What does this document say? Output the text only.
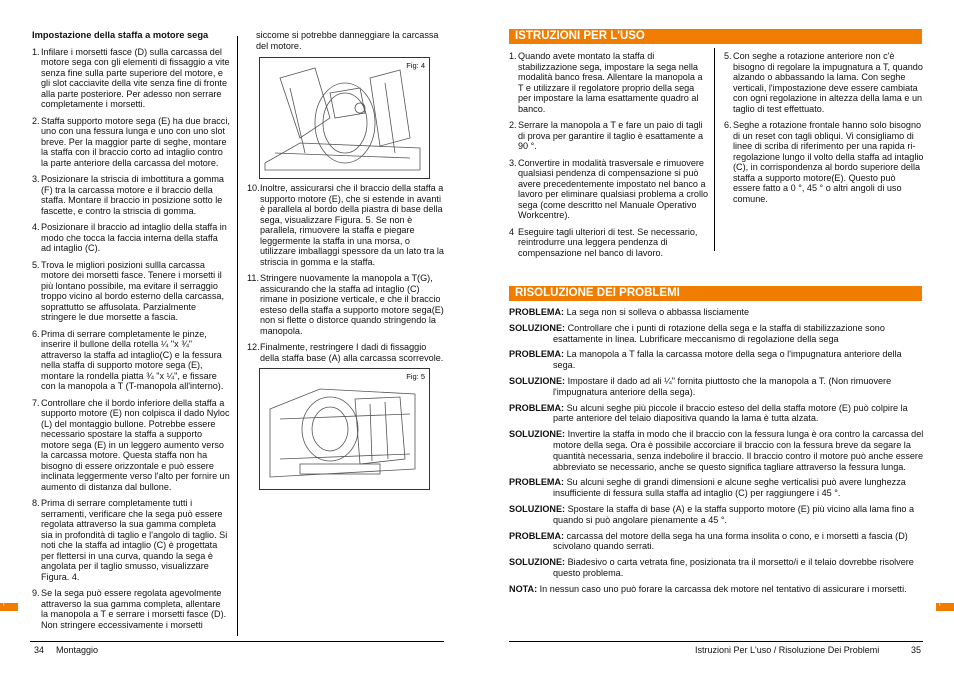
Impostazione della staffa a motore sega
1. Infilare i morsetti fasce (D) sulla carcassa del motore sega con gli elementi di fissaggio a vite senza fine sulla parte superiore del motore, e gli slot cacciavite della vite senza fine di fronte alla parte posteriore. Per adesso non serrare completamente i morsetti.
2. Staffa supporto motore sega (E) ha due bracci, uno con una fessura lunga e uno con uno slot breve. Per la maggior parte di seghe, montare la staffa con il braccio corto ad intaglio contro la parte anteriore della carcassa del motore.
3. Posizionare la striscia di imbottitura a gomma (F) tra la carcassa motore e il braccio della staffa. Montare il braccio in posizione sotto le fascette, e contro la striscia di gomma.
4. Posizionare il braccio ad intaglio della staffa in modo che tocca la faccia interna della staffa ad intaglio (C).
5. Trova le migliori posizioni sullla carcassa motore dei morsetti fasce. Tenere i morsetti il più lontano possibile, ma evitare il serraggio troppo vicino al bordo esterno della carcassa, soprattutto se affusolata. Parzialmente stringere le due morsette a fascia.
6. Prima di serrare completamente le pinze, inserire il bullone della rotella ¼ "x ¾" attraverso la staffa ad intaglio(C) e la fessura nella staffa di supporto motore sega (E), montare la rondella piatta ¾ "x ¼", e fissare con la manopola a T (T-manopola all'interno).
7. Controllare che il bordo inferiore della staffa a supporto motore (E) non colpisca il dado Nyloc (L) del montaggio bullone. Potrebbe essere necessario spostare la staffa a supporto motore sega (E) in un leggero aumento verso la carcassa motore. Questa staffa non ha bisogno di essere orizzontale e può essere inclinata leggermente verso l'alto per fornire un aumento di distanza dal bullone.
8. Prima di serrare completamente tutti i serramenti, verificare che la sega può essere regolata attraverso la sua gamma completa sia in profondità di taglio e l'angolo di taglio. Si noti che la staffa ad intaglio (C) è progettata per flettersi in una curva, quando la sega è angolata per il taglio smusso, visualizzare Figura. 4.
9. Se la sega può essere regolata agevolmente attraverso la sua gamma completa, allentare la manopola a T e serrare i morsetti fasce (D). Non stringere eccessivamente i morsetti

siccome si potrebbe danneggiare la carcassa del motore.

Fig: 4
10. Inoltre, assicurarsi che il braccio della staffa a supporto motore (E), che si estende in avanti è parallela al bordo della piastra di base della sega, visualizzare Figura. 5. Se non è parallela, rimuovere la staffa e piegare leggermente la staffa in una morsa, o utilizzare imballaggi spessore da un lato tra la striscia in gomma e la staffa.
11. Stringere nuovamente la manopola a T(G), assicurando che la staffa ad intaglio (C) rimane in posizione verticale, e che il braccio esteso della staffa a supporto motore sega(E) non si flette o distorce quando stringendo la manopola.
12. Finalmente, restringere I dadi di fissaggio della staffa base (A) alla carcassa scorrevole.
Fig: 5
34 Montaggio
I
ISTRUZIONI PER L'USO
1. Quando avete montato la staffa di stabilizzazione sega, impostare la sega nella modalità banco fresa. Allentare la manopola a T e utilizzare il regolatore proprio della sega per impostare la lama esattamente quadro al banco.
2. Serrare la manopola a T e fare un paio di tagli di prova per garantire il taglio è esattamente a 90 °.
3. Convertire in modalità trasversale e rimuovere qualsiasi pendenza di compensazione si può avere precedentemente impostato nel banco a lavoro per eliminare qualsiasi problema a crollo sega (come descritto nel Manuale Operativo Workcentre).
4 Eseguire tagli ulteriori di test. Se necessario, reintrodurre una leggera pendenza di compensazione nel banco di lavoro.
5. Con seghe a rotazione anteriore non c'è bisogno di regolare la impugnatura a T, quando alzando o abbassando la lama. Con seghe verticali, l'impostazione deve essere cambiata con ogni regolazione in altezza della lama e un taglio di test effettuato.
6. Seghe a rotazione frontale hanno solo bisogno di un reset con tagli obliqui. Vi consigliamo di linee di scriba di riferimento per una rapida ri-regolazione lungo il volto della staffa ad intaglio (C), in corrispondenza al bordo superiore della staffa a supporto motore(E). Questo può essere fatto a 0 °, 45 ° o altri angoli di uso comune.
RISOLUZIONE DEI PROBLEMI
PROBLEMA: La sega non si solleva o abbassa lisciamente
SOLUZIONE: Controllare che i punti di rotazione della sega e la staffa di stabilizzazione sono esattamente in linea. Lubrificare meccanismo di regolazione della sega
PROBLEMA: La manopola a T falla la carcassa motore della sega o l'impugnatura anteriore della sega.
SOLUZIONE: Impostare il dado ad ali ¼" fornita piuttosto che la manopola a T. (Non rimuovere l'impugnatura anteriore della sega).
PROBLEMA: Su alcuni seghe più piccole il braccio esteso del della staffa motore (E) può colpire la parte anteriore del telaio diapositiva quando la lama è tutta alzata.
SOLUZIONE: Invertire la staffa in modo che il braccio con la fessura lunga è ora contro la carcassa del motore della sega. Ora è possibile accorciare il braccio con la fessura breve da segare la quantità necessaria, senza indebolire il braccio. Il braccio contro il motore può anche essere abbreviato se necessario, anche se questo significa tagliare attraverso la fessura lunga.
PROBLEMA: Su alcuni seghe di grandi dimensioni e alcune seghe verticalisi può avere lunghezza insufficiente di fessura sulla staffa ad intaglio (C) per raggiungere i 45 °.
SOLUZIONE: Spostare la staffa di base (A) e la staffa supporto motore (E) più vicino alla lama fino a quando si può angolare pienamente a 45 °.
PROBLEMA: carcassa del motore della sega ha una forma insolita o cono, e i morsetti a fascia (D) scivolano quando serrati.
SOLUZIONE: Biadesivo o carta vetrata fine, posizionata tra il morsetto/i e il telaio dovrebbe risolvere questo problema.
NOTA: In nessun caso uno può forare la carcassa dek motore nel tentativo di assicurare i morsetti.
Istruzioni Per L'uso / Risoluzione Dei Problemi	35
I
